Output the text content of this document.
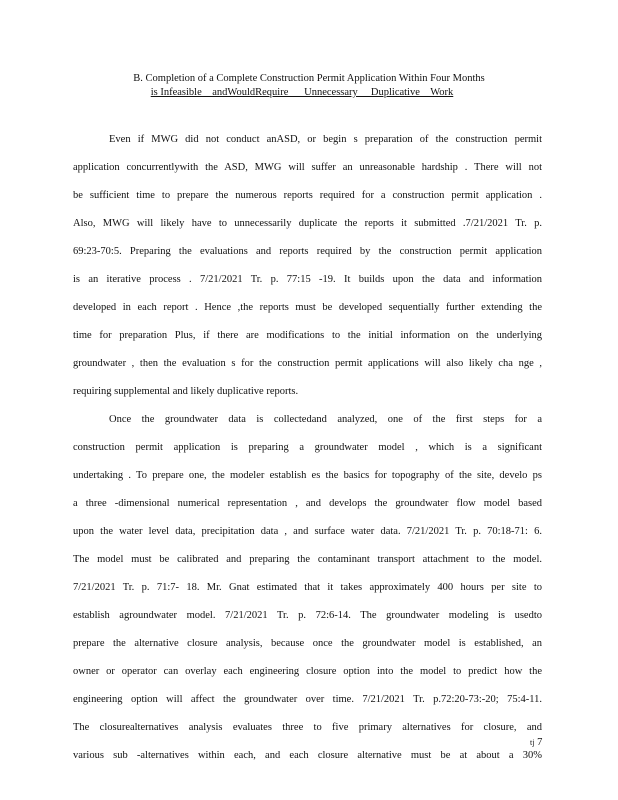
B. Completion of a Complete Construction Permit Application Within Four Months

is Infeasible    andWouldRequire      Unnecessary     Duplicative    Work

Even if MWG did not conduct anASD, or begin s preparation of the construction permit

application concurrentlywith the ASD, MWG will suffer an unreasonable hardship . There will not

be sufficient time to prepare the numerous reports required for a construction permit application .

Also, MWG will likely have to unnecessarily duplicate the reports it submitted .7/21/2021 Tr. p.

69:23-70:5. Preparing the evaluations and reports required by the construction permit application

is an iterative process . 7/21/2021 Tr. p. 77:15 -19. It builds upon the data and information

developed in each report . Hence ,the reports must be developed sequentially further extending the

time for preparation Plus, if there are modifications to the initial information on the underlying

groundwater , then the evaluation s for the construction permit applications will also likely cha nge ,

requiring supplemental and likely duplicative reports.

Once the groundwater data is collectedand analyzed, one of the first steps for a

construction permit application is preparing a groundwater model , which is a significant

undertaking . To prepare one, the modeler establish es the basics for topography of the site, develo ps

a three -dimensional numerical representation , and develops the groundwater flow model based

upon the water level data, precipitation data , and surface water data. 7/21/2021 Tr. p. 70:18-71: 6.

The model must be calibrated and preparing the contaminant transport attachment to the model.

7/21/2021 Tr. p. 71:7- 18. Mr. Gnat estimated that it takes approximately 400 hours per site to

establish agroundwater model. 7/21/2021 Tr. p. 72:6-14. The groundwater modeling is usedto

prepare the alternative closure analysis, because once the groundwater model is established, an

owner or operator can overlay each engineering closure option into the model to predict how the

engineering option will affect the groundwater over time. 7/21/2021 Tr. p.72:20-73:-20; 75:4-11.

The closurealternatives analysis evaluates three to five primary alternatives for closure, and

various sub -alternatives within each, and each closure alternative must be at about a 30%

tj 7
